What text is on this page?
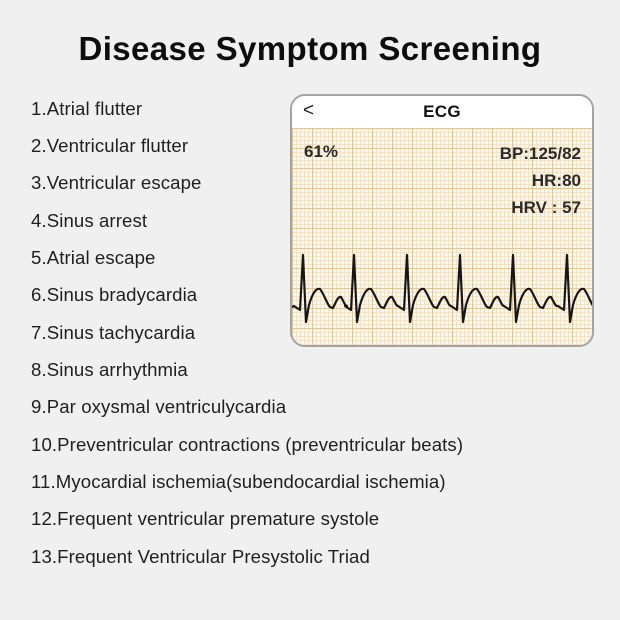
Disease Symptom Screening
1.Atrial flutter
2.Ventricular flutter
3.Ventricular escape
4.Sinus arrest
5.Atrial escape
6.Sinus bradycardia
7.Sinus tachycardia
8.Sinus arrhythmia
9.Par oxysmal ventriculycardia
10.Preventricular contractions (preventricular beats)
11.Myocardial ischemia(subendocardial ischemia)
12.Frequent ventricular premature systole
13.Frequent Ventricular Presystolic Triad
<	ECG
61%	BP:125/82
HR:80
HRV : 57
